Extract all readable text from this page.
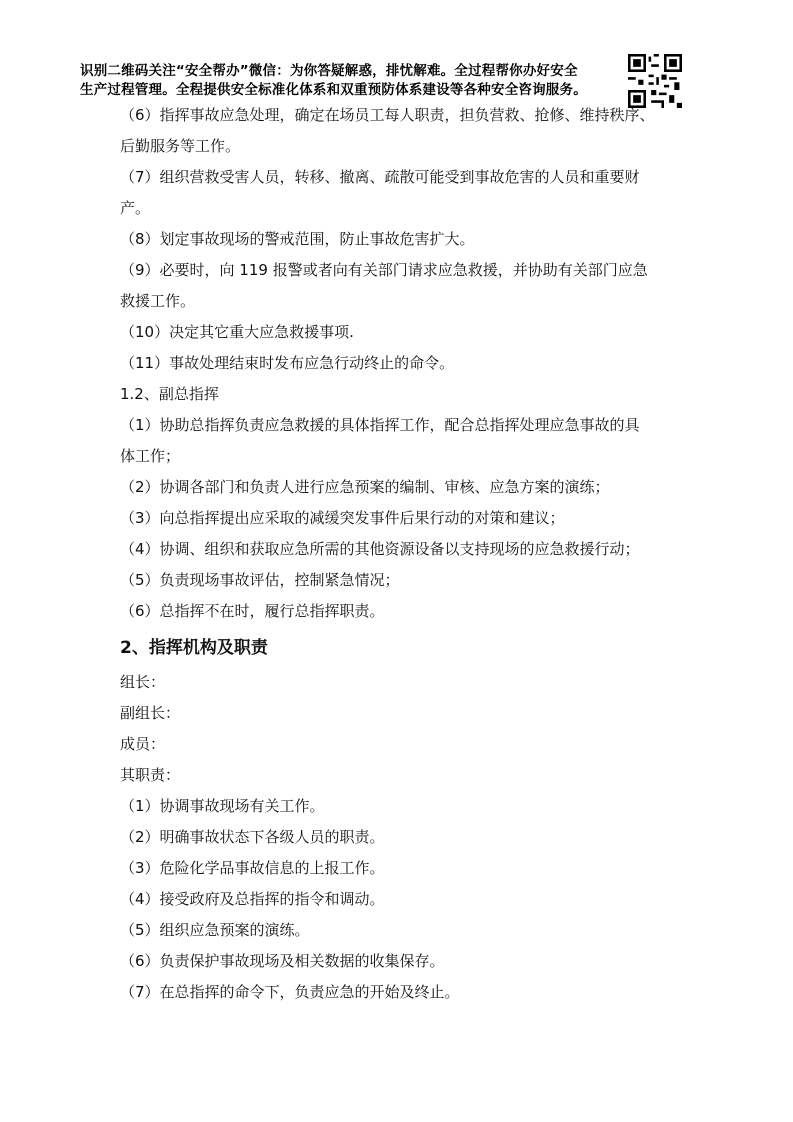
识别二维码关注“安全帮办”微信：为你答疑解惑，排忧解难。全过程帮你办好安全
生产过程管理。全程提供安全标准化体系和双重预防体系建设等各种安全咨询服务。
（6）指挥事故应急处理，确定在场员工每人职责，担负营救、抢修、维持秩序、
后勤服务等工作。
（7）组织营救受害人员，转移、撤离、疏散可能受到事故危害的人员和重要财
产。
（8）划定事故现场的警戒范围，防止事故危害扩大。
（9）必要时，向 119 报警或者向有关部门请求应急救援，并协助有关部门应急
救援工作。
（10）决定其它重大应急救援事项.
（11）事故处理结束时发布应急行动终止的命令。
1.2、副总指挥
（1）协助总指挥负责应急救援的具体指挥工作，配合总指挥处理应急事故的具
体工作；
（2）协调各部门和负责人进行应急预案的编制、审核、应急方案的演练；
（3）向总指挥提出应采取的减缓突发事件后果行动的对策和建议；
（4）协调、组织和获取应急所需的其他资源设备以支持现场的应急救援行动；
（5）负责现场事故评估，控制紧急情况；
（6）总指挥不在时，履行总指挥职责。
2、指挥机构及职责
组长：
副组长：
成员：
其职责：
（1）协调事故现场有关工作。
（2）明确事故状态下各级人员的职责。
（3）危险化学品事故信息的上报工作。
（4）接受政府及总指挥的指令和调动。
（5）组织应急预案的演练。
（6）负责保护事故现场及相关数据的收集保存。
（7）在总指挥的命令下，负责应急的开始及终止。
